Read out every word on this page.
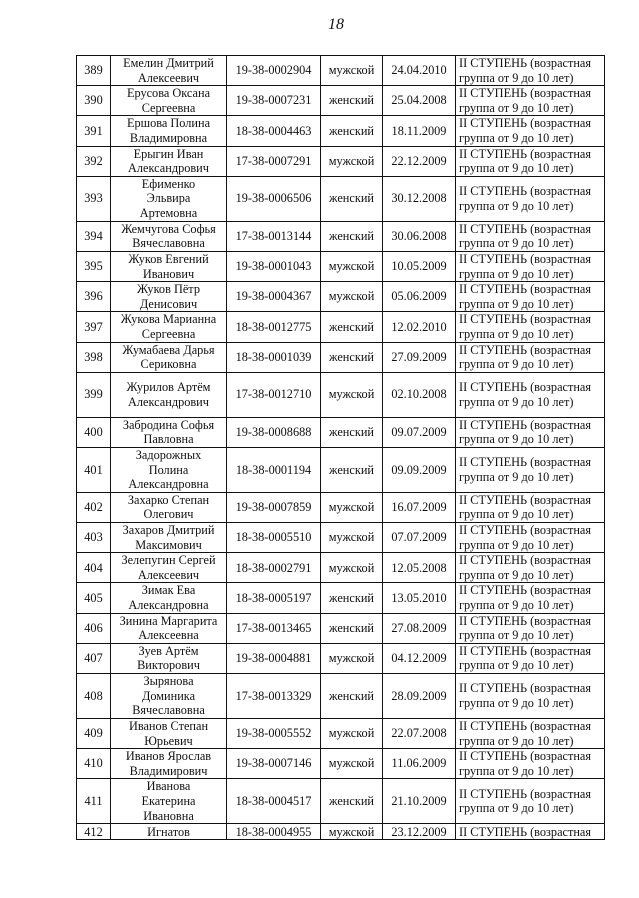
18
389	Емелин Дмитрий
Алексеевич	19-38-0002904	мужской	24.04.2010	II СТУПЕНЬ (возрастная
группа от 9 до 10 лет)
390	Ерусова Оксана
Сергеевна	19-38-0007231	женский	25.04.2008	II СТУПЕНЬ (возрастная
группа от 9 до 10 лет)
391	Ершова Полина
Владимировна	18-38-0004463	женский	18.11.2009	II СТУПЕНЬ (возрастная
группа от 9 до 10 лет)
392	Ерыгин Иван
Александрович	17-38-0007291	мужской	22.12.2009	II СТУПЕНЬ (возрастная
группа от 9 до 10 лет)
393	Ефименко
Эльвира
Артемовна	19-38-0006506	женский	30.12.2008	II СТУПЕНЬ (возрастная
группа от 9 до 10 лет)
394	Жемчугова Софья
Вячеславовна	17-38-0013144	женский	30.06.2008	II СТУПЕНЬ (возрастная
группа от 9 до 10 лет)
395	Жуков Евгений
Иванович	19-38-0001043	мужской	10.05.2009	II СТУПЕНЬ (возрастная
группа от 9 до 10 лет)
396	Жуков Пётр
Денисович	19-38-0004367	мужской	05.06.2009	II СТУПЕНЬ (возрастная
группа от 9 до 10 лет)
397	Жукова Марианна
Сергеевна	18-38-0012775	женский	12.02.2010	II СТУПЕНЬ (возрастная
группа от 9 до 10 лет)
398	Жумабаева Дарья
Сериковна	18-38-0001039	женский	27.09.2009	II СТУПЕНЬ (возрастная
группа от 9 до 10 лет)
399	Журилов Артём
Александрович	17-38-0012710	мужской	02.10.2008	II СТУПЕНЬ (возрастная
группа от 9 до 10 лет)
400	Забродина Софья
Павловна	19-38-0008688	женский	09.07.2009	II СТУПЕНЬ (возрастная
группа от 9 до 10 лет)
401	Задорожных
Полина
Александровна	18-38-0001194	женский	09.09.2009	II СТУПЕНЬ (возрастная
группа от 9 до 10 лет)
402	Захарко Степан
Олегович	19-38-0007859	мужской	16.07.2009	II СТУПЕНЬ (возрастная
группа от 9 до 10 лет)
403	Захаров Дмитрий
Максимович	18-38-0005510	мужской	07.07.2009	II СТУПЕНЬ (возрастная
группа от 9 до 10 лет)
404	Зелепугин Сергей
Алексеевич	18-38-0002791	мужской	12.05.2008	II СТУПЕНЬ (возрастная
группа от 9 до 10 лет)
405	Зимак Ева
Александровна	18-38-0005197	женский	13.05.2010	II СТУПЕНЬ (возрастная
группа от 9 до 10 лет)
406	Зинина Маргарита
Алексеевна	17-38-0013465	женский	27.08.2009	II СТУПЕНЬ (возрастная
группа от 9 до 10 лет)
407	Зуев Артём
Викторович	19-38-0004881	мужской	04.12.2009	II СТУПЕНЬ (возрастная
группа от 9 до 10 лет)
408	Зырянова
Доминика
Вячеславовна	17-38-0013329	женский	28.09.2009	II СТУПЕНЬ (возрастная
группа от 9 до 10 лет)
409	Иванов Степан
Юрьевич	19-38-0005552	мужской	22.07.2008	II СТУПЕНЬ (возрастная
группа от 9 до 10 лет)
410	Иванов Ярослав
Владимирович	19-38-0007146	мужской	11.06.2009	II СТУПЕНЬ (возрастная
группа от 9 до 10 лет)
411	Иванова
Екатерина
Ивановна	18-38-0004517	женский	21.10.2009	II СТУПЕНЬ (возрастная
группа от 9 до 10 лет)
412	Игнатов	18-38-0004955	мужской	23.12.2009	II СТУПЕНЬ (возрастная
